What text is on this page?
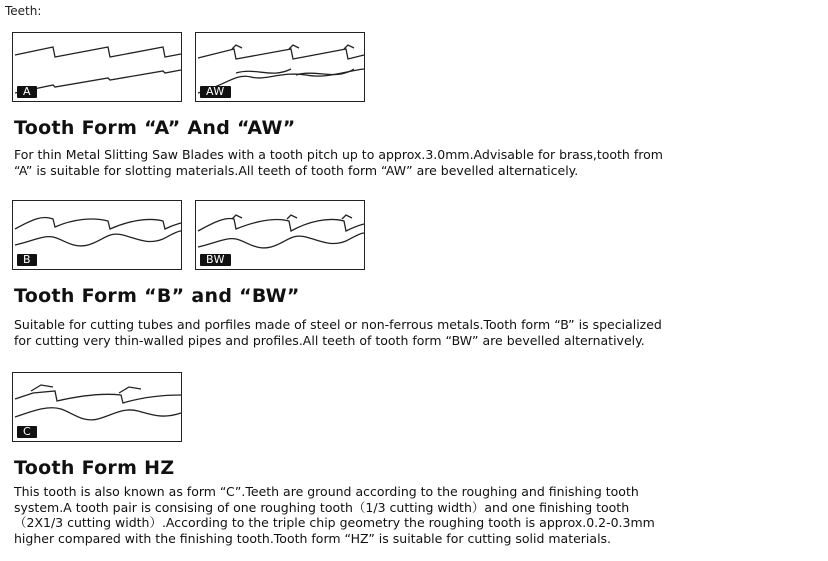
Teeth:
A	AW
Tooth Form “A” And “AW”

For thin Metal Slitting Saw Blades with a tooth pitch up to approx.3.0mm.Advisable for brass,tooth from

“A” is suitable for slotting materials.All teeth of tooth form “AW” are bevelled alternaticely.

B	BW
Tooth Form “B” and “BW”

Suitable for cutting tubes and porfiles made of steel or non-ferrous metals.Tooth form “B” is specialized

for cutting very thin-walled pipes and profiles.All teeth of tooth form “BW” are bevelled alternatively.

C
Tooth Form HZ

This tooth is also known as form “C”.Teeth are ground according to the roughing and finishing tooth

system.A tooth pair is consising of one roughing tooth（1/3 cutting width）and one finishing tooth

（2X1/3 cutting width）.According to the triple chip geometry the roughing tooth is approx.0.2-0.3mm

higher compared with the finishing tooth.Tooth form “HZ” is suitable for cutting solid materials.
